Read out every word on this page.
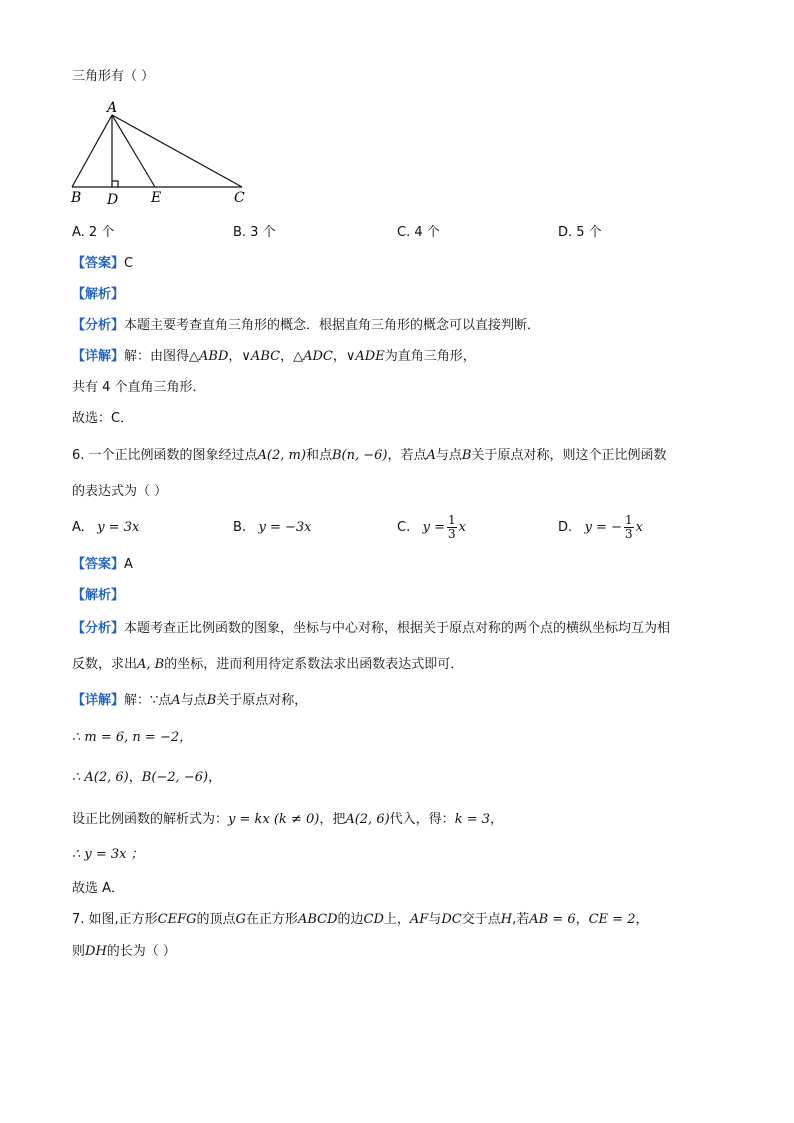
三角形有（ ）
A
B D E	C
A. 2 个	B. 3 个	C. 4 个	D. 5 个
【答案】C
【解析】
【分析】本题主要考查直角三角形的概念．根据直角三角形的概念可以直接判断．
【详解】解：由图得△ABD，∨ABC，△ADC，∨ADE为直角三角形，
共有 4 个直角三角形．
故选：C．
6. 一个正比例函数的图象经过点A(2, m)和点B(n, −6)，若点A与点B关于原点对称，则这个正比例函数
的表达式为（ ）
A. y = 3x	B. y = −3x	C. $y = \frac{1}{3}$ x	D. y = − $\frac{1}{3}$ x
【答案】A
【解析】
【分析】本题考查正比例函数的图象，坐标与中心对称，根据关于原点对称的两个点的横纵坐标均互为相
反数，求出A, B的坐标，进而利用待定系数法求出函数表达式即可．
【详解】解：∵点A与点B关于原点对称，
∴ m = 6, n = −2，
∴ A(2, 6)，B(−2, −6)，
设正比例函数的解析式为：y = kx (k ≠ 0)，把A(2, 6)代入，得：k = 3，
∴ y = 3x ；
故选 A．
7. 如图,正方形CEFG的顶点G在正方形ABCD的边CD上，AF与DC交于点H,若AB = 6，CE = 2，
则DH的长为（ ）
